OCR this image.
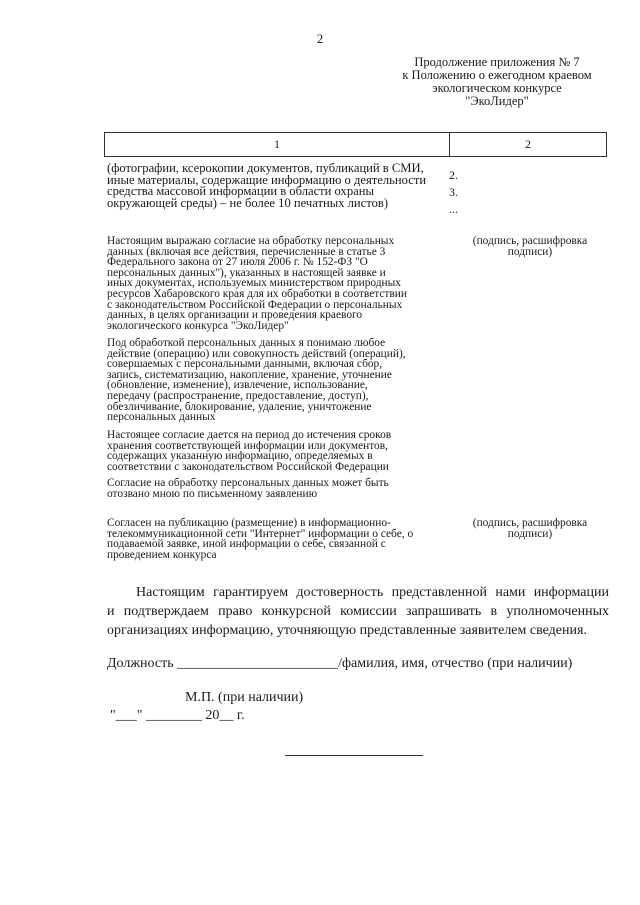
2
Продолжение приложения № 7
к Положению о ежегодном краевом
экологическом конкурсе
"ЭкоЛидер"
1	2
(фотографии, ксерокопии документов, публикаций в СМИ,
иные материалы, содержащие информацию о деятельности
средства массовой информации в области охраны
окружающей среды) – не более 10 печатных листов)
2.
3.
...
Настоящим выражаю согласие на обработку персональных
данных (включая все действия, перечисленные в статье 3
Федерального закона от 27 июля 2006 г. № 152-ФЗ "О
персональных данных"), указанных в настоящей заявке и
иных документах, используемых министерством природных
ресурсов Хабаровского края для их обработки в соответствии
с законодательством Российской Федерации о персональных
данных, в целях организации и проведения краевого
экологического конкурса "ЭкоЛидер"
(подпись, расшифровка
подписи)
Под обработкой персональных данных я понимаю любое
действие (операцию) или совокупность действий (операций),
совершаемых с персональными данными, включая сбор,
запись, систематизацию, накопление, хранение, уточнение
(обновление, изменение), извлечение, использование,
передачу (распространение, предоставление, доступ),
обезличивание, блокирование, удаление, уничтожение
персональных данных
Настоящее согласие дается на период до истечения сроков
хранения соответствующей информации или документов,
содержащих указанную информацию, определяемых в
соответствии с законодательством Российской Федерации
Согласие на обработку персональных данных может быть
отозвано мною по письменному заявлению
Согласен на публикацию (размещение) в информационно-
телекоммуникационной сети "Интернет" информации о себе, о
подаваемой заявке, иной информации о себе, связанной с
проведением конкурса
(подпись, расшифровка
подписи)
Настоящим гарантируем достоверность представленной нами информации
и подтверждаем право конкурсной комиссии запрашивать в уполномоченных
организациях информацию, уточняющую представленные заявителем сведения.
Должность _______________________/фамилия, имя, отчество (при наличии)
М.П. (при наличии)
"___" ________ 20__ г.
